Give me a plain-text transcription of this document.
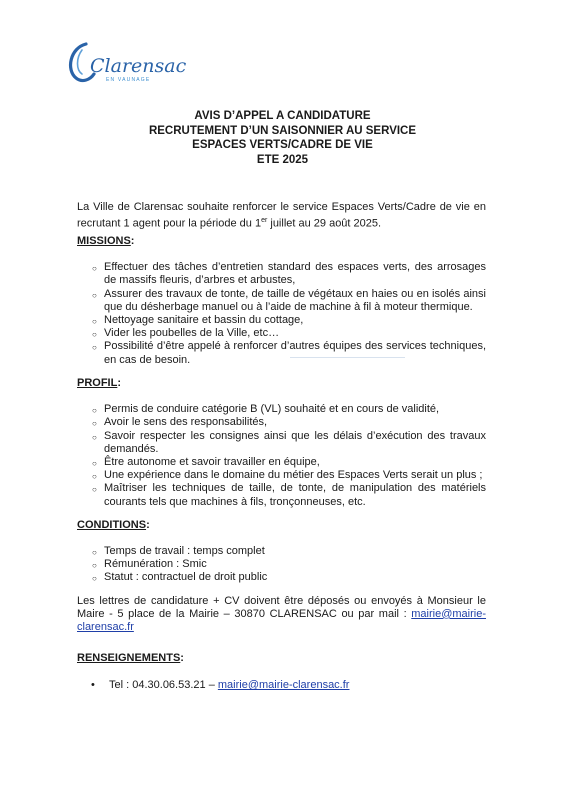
Clarensac
EN VAUNAGE
AVIS D’APPEL A CANDIDATURE
RECRUTEMENT D’UN SAISONNIER AU SERVICE
ESPACES VERTS/CADRE DE VIE
ETE 2025

La Ville de Clarensac souhaite renforcer le service Espaces Verts/Cadre de vie en recrutant 1 agent pour la période du 1er juillet au 29 août 2025.

MISSIONS:

○ Effectuer des tâches d’entretien standard des espaces verts, des arrosages de massifs fleuris, d’arbres et arbustes,
○ Assurer des travaux de tonte, de taille de végétaux en haies ou en isolés ainsi que du désherbage manuel ou à l’aide de machine à fil à moteur thermique.
○ Nettoyage sanitaire et bassin du cottage,
○ Vider les poubelles de la Ville, etc…
○ Possibilité d’être appelé à renforcer d’autres équipes des services techniques, en cas de besoin.

PROFIL:

○ Permis de conduire catégorie B (VL) souhaité et en cours de validité,
○ Avoir le sens des responsabilités,
○ Savoir respecter les consignes ainsi que les délais d’exécution des travaux demandés.
○ Être autonome et savoir travailler en équipe,
○ Une expérience dans le domaine du métier des Espaces Verts serait un plus ;
○ Maîtriser les techniques de taille, de tonte, de manipulation des matériels courants tels que machines à fils, tronçonneuses, etc.

CONDITIONS:

○ Temps de travail : temps complet
○ Rémunération : Smic
○ Statut : contractuel de droit public

Les lettres de candidature + CV doivent être déposés ou envoyés à Monsieur le Maire - 5 place de la Mairie – 30870 CLARENSAC ou par mail : mairie@mairie-clarensac.fr

RENSEIGNEMENTS:

• Tel : 04.30.06.53.21 – mairie@mairie-clarensac.fr
